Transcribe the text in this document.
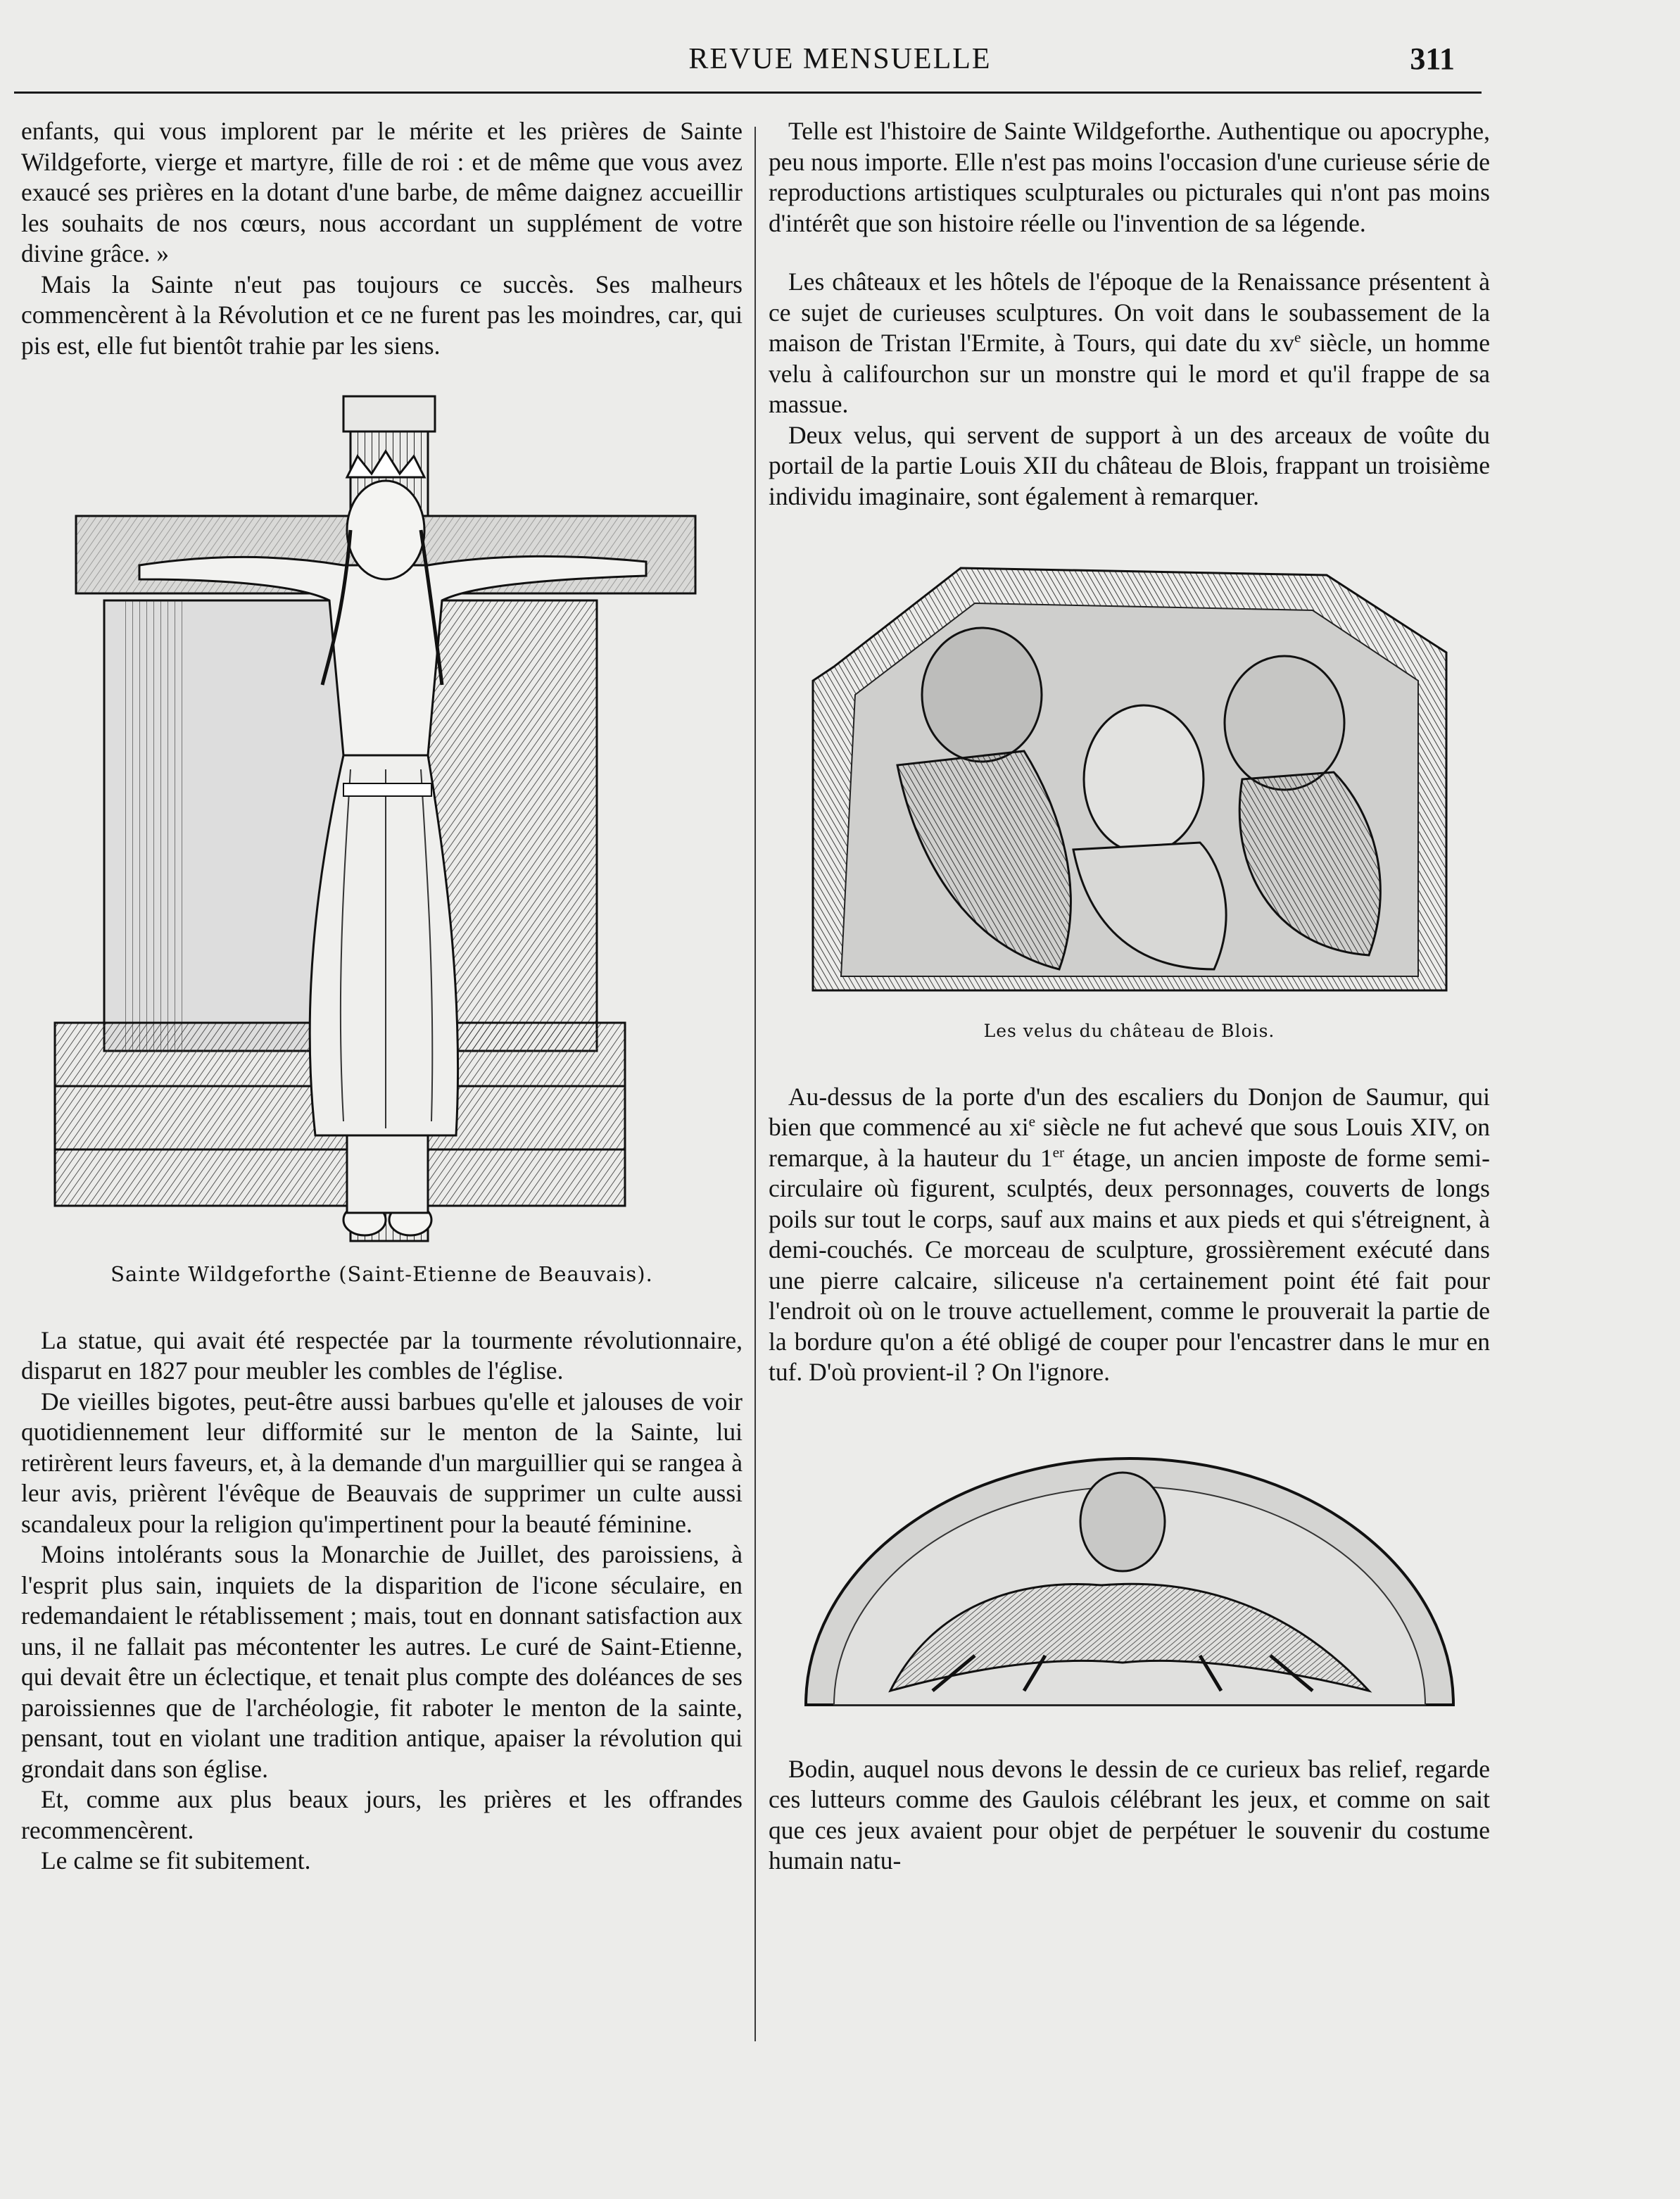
REVUE MENSUELLE	311

enfants, qui vous implorent par le mérite et les prières de Sainte Wildgeforte, vierge et martyre, fille de roi : et de même que vous avez exaucé ses prières en la dotant d'une barbe, de même daignez accueillir les souhaits de nos cœurs, nous accordant un supplément de votre divine grâce. »

Mais la Sainte n'eut pas toujours ce succès. Ses malheurs commencèrent à la Révolution et ce ne furent pas les moindres, car, qui pis est, elle fut bientôt trahie par les siens.

Sainte Wildgeforthe (Saint-Etienne de Beauvais).

La statue, qui avait été respectée par la tourmente révolutionnaire, disparut en 1827 pour meubler les combles de l'église.

De vieilles bigotes, peut-être aussi barbues qu'elle et jalouses de voir quotidiennement leur difformité sur le menton de la Sainte, lui retirèrent leurs faveurs, et, à la demande d'un marguillier qui se rangea à leur avis, prièrent l'évêque de Beauvais de supprimer un culte aussi scandaleux pour la religion qu'impertinent pour la beauté féminine.

Moins intolérants sous la Monarchie de Juillet, des paroissiens, à l'esprit plus sain, inquiets de la disparition de l'icone séculaire, en redemandaient le rétablissement ; mais, tout en donnant satisfaction aux uns, il ne fallait pas mécontenter les autres. Le curé de Saint-Etienne, qui devait être un éclectique, et tenait plus compte des doléances de ses paroissiennes que de l'archéologie, fit raboter le menton de la sainte, pensant, tout en violant une tradition antique, apaiser la révolution qui grondait dans son église.

Et, comme aux plus beaux jours, les prières et les offrandes recommencèrent.

Le calme se fit subitement.

Telle est l'histoire de Sainte Wildgeforthe. Authentique ou apocryphe, peu nous importe. Elle n'est pas moins l'occasion d'une curieuse série de reproductions artistiques sculpturales ou picturales qui n'ont pas moins d'intérêt que son histoire réelle ou l'invention de sa légende.

Les châteaux et les hôtels de l'époque de la Renaissance présentent à ce sujet de curieuses sculptures. On voit dans le soubassement de la maison de Tristan l'Ermite, à Tours, qui date du $xv^e$ siècle, un homme velu à califourchon sur un monstre qui le mord et qu'il frappe de sa massue.

Deux velus, qui servent de support à un des arceaux de voûte du portail de la partie Louis XII du château de Blois, frappant un troisième individu imaginaire, sont également à remarquer.

Les velus du château de Blois.

Au-dessus de la porte d'un des escaliers du Donjon de Saumur, qui bien que commencé au $xi^e$ siècle ne fut achevé que sous Louis XIV, on remarque, à la hauteur du 1er étage, un ancien imposte de forme semi-circulaire où figurent, sculptés, deux personnages, couverts de longs poils sur tout le corps, sauf aux mains et aux pieds et qui s'étreignent, à demi-couchés. Ce morceau de sculpture, grossièrement exécuté dans une pierre calcaire, siliceuse n'a certainement point été fait pour l'endroit où on le trouve actuellement, comme le prouverait la partie de la bordure qu'on a été obligé de couper pour l'encastrer dans le mur en tuf. D'où provient-il ? On l'ignore.

Bodin, auquel nous devons le dessin de ce curieux bas relief, regarde ces lutteurs comme des Gaulois célébrant les jeux, et comme on sait que ces jeux avaient pour objet de perpétuer le souvenir du costume humain natu-
